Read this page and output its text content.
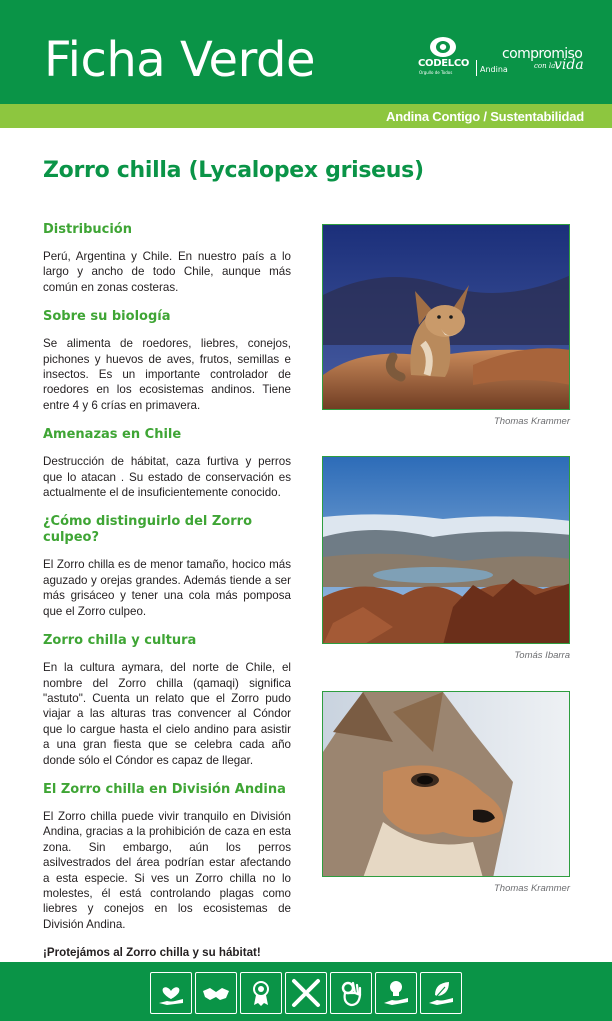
Ficha Verde	CODELCO
Orgullo de Todos	Andina
compromiso
con la
vida
Andina Contigo / Sustentabilidad
Zorro chilla (Lycalopex griseus)
Distribución
Perú, Argentina y Chile. En nuestro país a lo largo y ancho de todo Chile, aunque más común en zonas costeras.
Sobre su biología
Se alimenta de roedores, liebres, conejos, pichones y huevos de aves, frutos, semillas e insectos. Es un importante controlador de roedores en los ecosistemas andinos. Tiene entre 4 y 6 crías en primavera.
Amenazas en Chile
Destrucción de hábitat, caza furtiva y perros que lo atacan . Su estado de conservación es actualmente el de insuficientemente conocido.
¿Cómo distinguirlo del Zorro culpeo?
El Zorro chilla es de menor tamaño, hocico más aguzado y orejas grandes. Además tiende a ser más grisáceo y tener una cola más pomposa que el Zorro culpeo.
Zorro chilla y cultura
En la cultura aymara, del norte de Chile, el nombre del Zorro chilla (qamaqi) significa "astuto". Cuenta un relato que el Zorro pudo viajar a las alturas tras convencer al Cóndor que lo cargue hasta el cielo andino para asistir a una gran fiesta que se celebra cada año donde sólo el Cóndor es capaz de llegar.
El Zorro chilla en División Andina
El Zorro chilla puede vivir tranquilo en División Andina, gracias a la prohibición de caza en esta zona. Sin embargo, aún los perros asilvestrados del área podrían estar afectando a esta especie. Si ves un Zorro chilla no lo molestes, él está controlando plagas como liebres y conejos en los ecosistemas de División Andina.
¡Protejámos al Zorro chilla y su hábitat!
Thomas Krammer
Tomás Ibarra
Thomas Krammer
